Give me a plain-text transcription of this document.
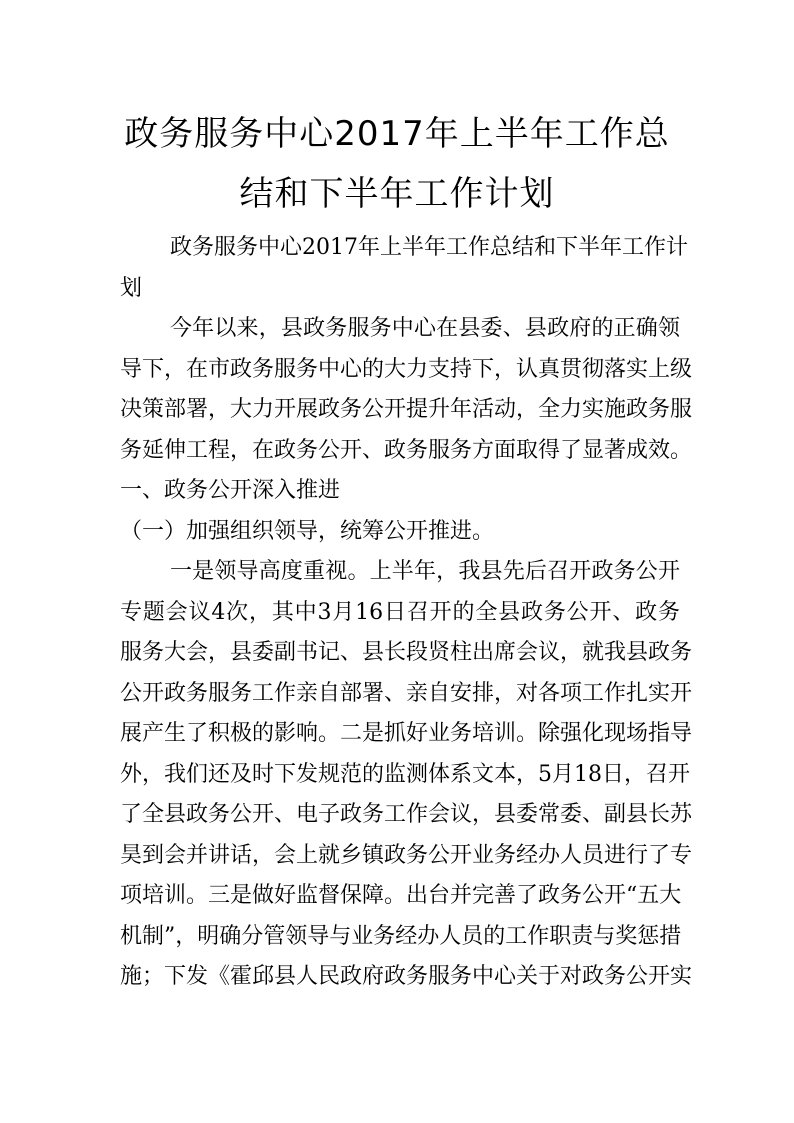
政务服务中心2017年上半年工作总
结和下半年工作计划
政务服务中心2017年上半年工作总结和下半年工作计
划
今年以来，县政务服务中心在县委、县政府的正确领
导下，在市政务服务中心的大力支持下，认真贯彻落实上级
决策部署，大力开展政务公开提升年活动，全力实施政务服
务延伸工程，在政务公开、政务服务方面取得了显著成效。
一、政务公开深入推进
（一）加强组织领导，统筹公开推进。
一是领导高度重视。上半年，我县先后召开政务公开
专题会议4次，其中3月16日召开的全县政务公开、政务
服务大会，县委副书记、县长段贤柱出席会议，就我县政务
公开政务服务工作亲自部署、亲自安排，对各项工作扎实开
展产生了积极的影响。二是抓好业务培训。除强化现场指导
外，我们还及时下发规范的监测体系文本，5月18日，召开
了全县政务公开、电子政务工作会议，县委常委、副县长苏
昊到会并讲话，会上就乡镇政务公开业务经办人员进行了专
项培训。三是做好监督保障。出台并完善了政务公开“五大
机制”，明确分管领导与业务经办人员的工作职责与奖惩措
施；下发《霍邱县人民政府政务服务中心关于对政务公开实
